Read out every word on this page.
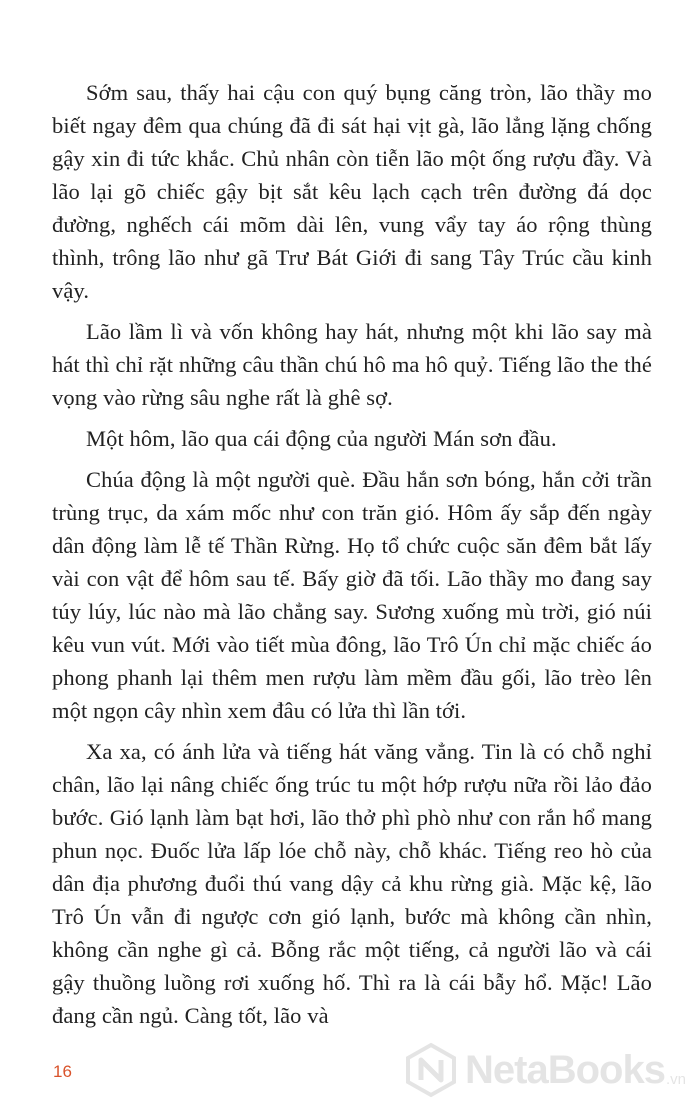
Sớm sau, thấy hai cậu con quý bụng căng tròn, lão thầy mo biết ngay đêm qua chúng đã đi sát hại vịt gà, lão lẳng lặng chống gậy xin đi tức khắc. Chủ nhân còn tiễn lão một ống rượu đầy. Và lão lại gõ chiếc gậy bịt sắt kêu lạch cạch trên đường đá dọc đường, nghếch cái mõm dài lên, vung vẩy tay áo rộng thùng thình, trông lão như gã Trư Bát Giới đi sang Tây Trúc cầu kinh vậy.

Lão lầm lì và vốn không hay hát, nhưng một khi lão say mà hát thì chỉ rặt những câu thần chú hô ma hô quỷ. Tiếng lão the thé vọng vào rừng sâu nghe rất là ghê sợ.

Một hôm, lão qua cái động của người Mán sơn đầu.

Chúa động là một người què. Đầu hắn sơn bóng, hắn cởi trần trùng trục, da xám mốc như con trăn gió. Hôm ấy sắp đến ngày dân động làm lễ tế Thần Rừng. Họ tổ chức cuộc săn đêm bắt lấy vài con vật để hôm sau tế. Bấy giờ đã tối. Lão thầy mo đang say túy lúy, lúc nào mà lão chẳng say. Sương xuống mù trời, gió núi kêu vun vút. Mới vào tiết mùa đông, lão Trô Ún chỉ mặc chiếc áo phong phanh lại thêm men rượu làm mềm đầu gối, lão trèo lên một ngọn cây nhìn xem đâu có lửa thì lần tới.

Xa xa, có ánh lửa và tiếng hát văng vẳng. Tin là có chỗ nghỉ chân, lão lại nâng chiếc ống trúc tu một hớp rượu nữa rồi lảo đảo bước. Gió lạnh làm bạt hơi, lão thở phì phò như con rắn hổ mang phun nọc. Đuốc lửa lấp lóe chỗ này, chỗ khác. Tiếng reo hò của dân địa phương đuổi thú vang dậy cả khu rừng già. Mặc kệ, lão Trô Ún vẫn đi ngược cơn gió lạnh, bước mà không cần nhìn, không cần nghe gì cả. Bỗng rắc một tiếng, cả người lão và cái gậy thuồng luồng rơi xuống hố. Thì ra là cái bẫy hổ. Mặc! Lão đang cần ngủ. Càng tốt, lão và

16	NetaBooks .vn
